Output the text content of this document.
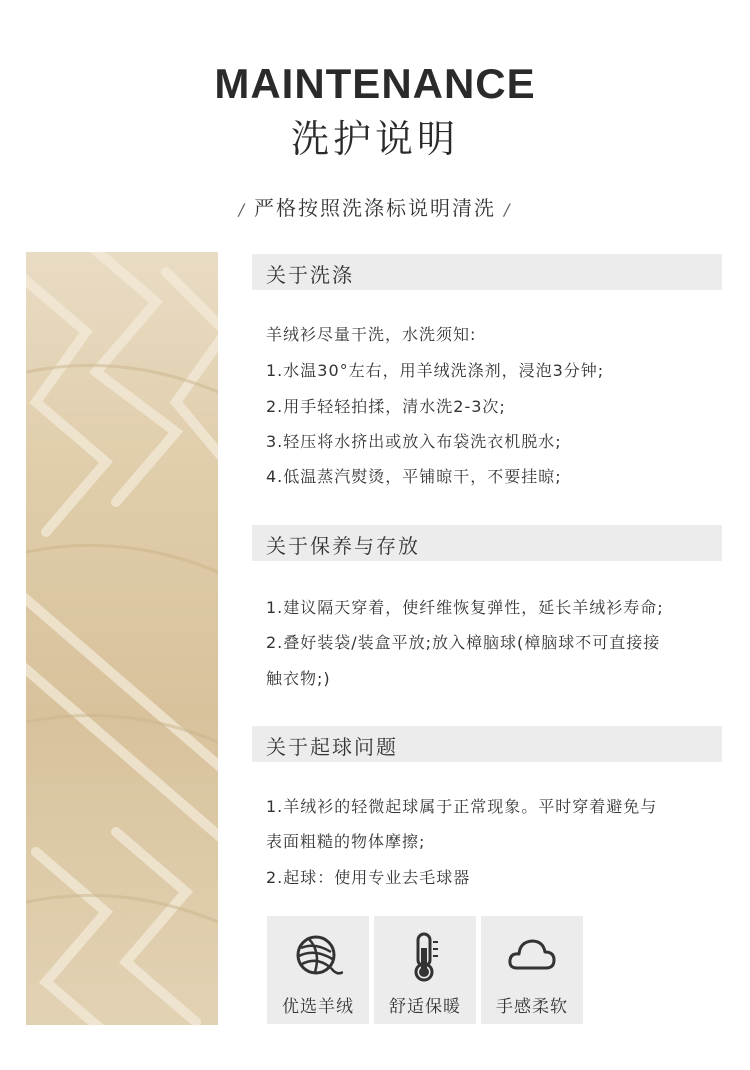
MAINTENANCE
洗护说明
/ 严格按照洗涤标说明清洗 /
关于洗涤
羊绒衫尽量干洗，水洗须知:
1.水温30°左右，用羊绒洗涤剂，浸泡3分钟;
2.用手轻轻拍揉，清水洗2-3次;
3.轻压将水挤出或放入布袋洗衣机脱水;
4.低温蒸汽熨烫，平铺晾干，不要挂晾;
关于保养与存放
1.建议隔天穿着，使纤维恢复弹性，延长羊绒衫寿命;
2.叠好装袋/装盒平放;放入樟脑球(樟脑球不可直接接
触衣物;)
关于起球问题
1.羊绒衫的轻微起球属于正常现象。平时穿着避免与
表面粗糙的物体摩擦;
2.起球：使用专业去毛球器
优选羊绒	舒适保暖	手感柔软
